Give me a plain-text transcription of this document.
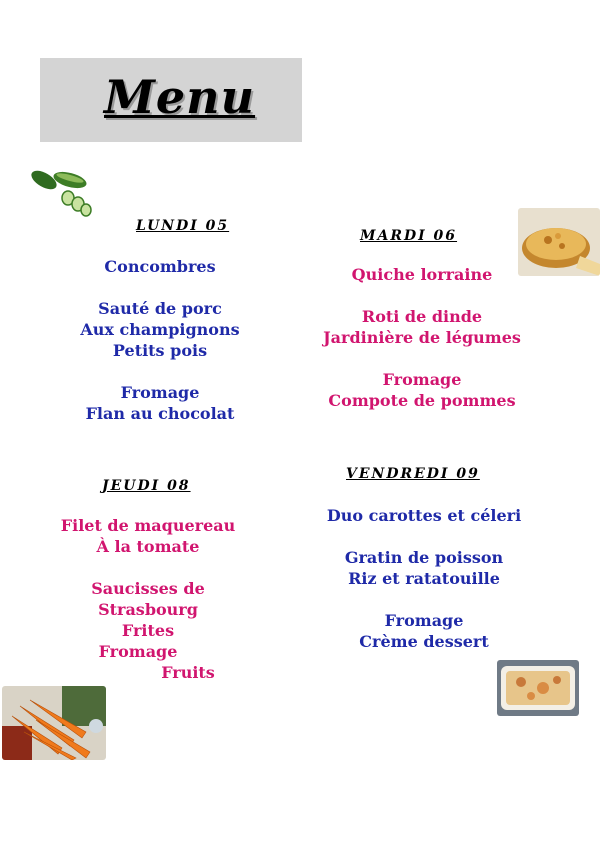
Menu
LUNDI 05
Concombres

Sauté de porc
Aux champignons
Petits pois

Fromage
Flan au chocolat
MARDI 06
Quiche lorraine

Roti de dinde
Jardinière de légumes

Fromage
Compote de pommes
JEUDI 08
Filet de maquereau
À la tomate

Saucisses de
Strasbourg
Frites
Fromage
Fruits
VENDREDI 09
Duo carottes et céleri

Gratin de poisson
Riz et ratatouille

Fromage
Crème dessert
